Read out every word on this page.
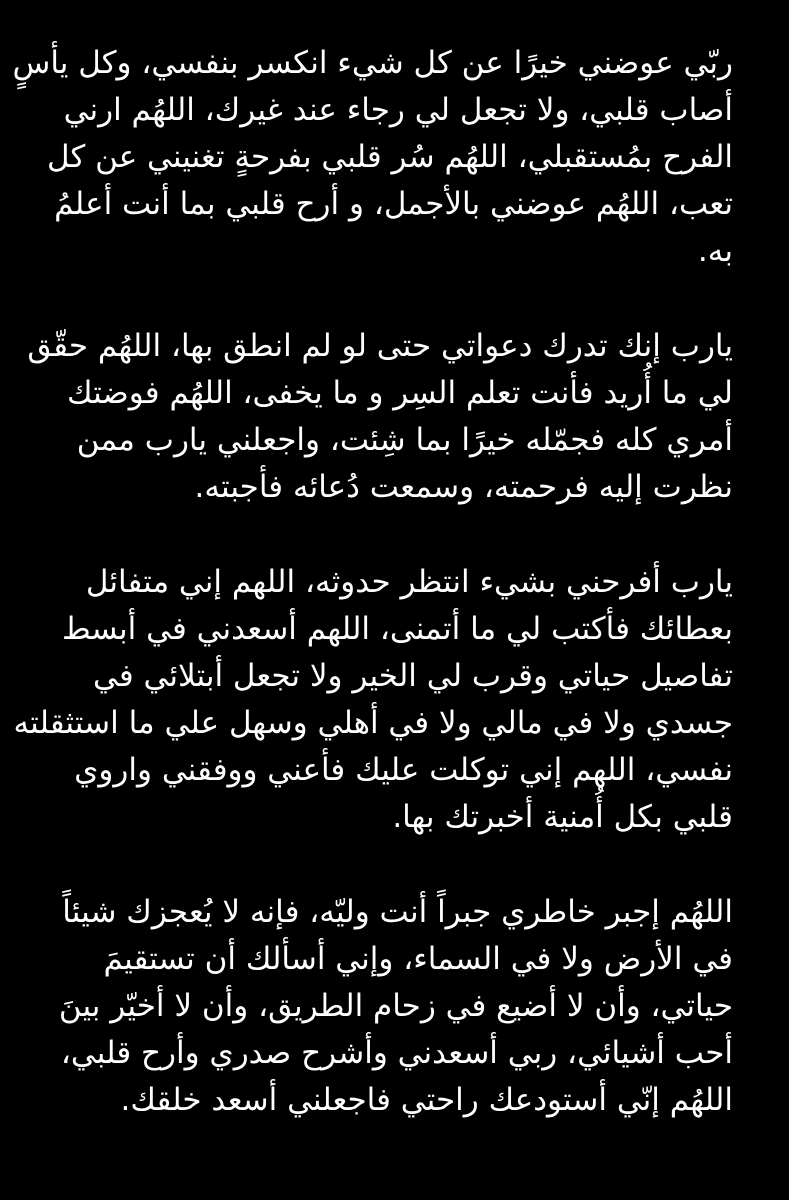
ربّي عوضني خيرًا عن كل شيء انكسر بنفسي، وكل يأسٍ
أصاب قلبي، ولا تجعل لي رجاء عند غيرك، اللهُم ارني
الفرح بمُستقبلي، اللهُم سُر قلبي بفرحةٍ تغنيني عن كل
تعب، اللهُم عوضني بالأجمل، و أرح قلبي بما أنت أعلمُ
به.
يارب إنك تدرك دعواتي حتى لو لم انطق بها، اللهُم حقّق
لي ما أُريد فأنت تعلم السِر و ما يخفى، اللهُم فوضتك
أمري كله فجمّله خيرًا بما شِئت، واجعلني يارب ممن
نظرت إليه فرحمته، وسمعت دُعائه فأجبته.
يارب أفرحني بشيء انتظر حدوثه، اللهم إني متفائل
بعطائك فأكتب لي ما أتمنى، اللهم أسعدني في أبسط
تفاصيل حياتي وقرب لي الخير ولا تجعل أبتلائي في
جسدي ولا في مالي ولا في أهلي وسهل علي ما استثقلته
نفسي، اللهم إني توكلت عليك فأعني ووفقني واروي
قلبي بكل أُمنية أخبرتك بها.
اللهُم إجبر خاطري جبراً أنت وليّه، فإنه لا يُعجزك شيئاً
في الأرض ولا في السماء، وإني أسألك أن تستقيمَ
حياتي، وأن لا أضيع في زحام الطريق، وأن لا أخيّر بينَ
أحب أشيائي، ربي أسعدني وأشرح صدري وأرح قلبي،
اللهُم إنّي أستودعك راحتي فاجعلني أسعد خلقك.
